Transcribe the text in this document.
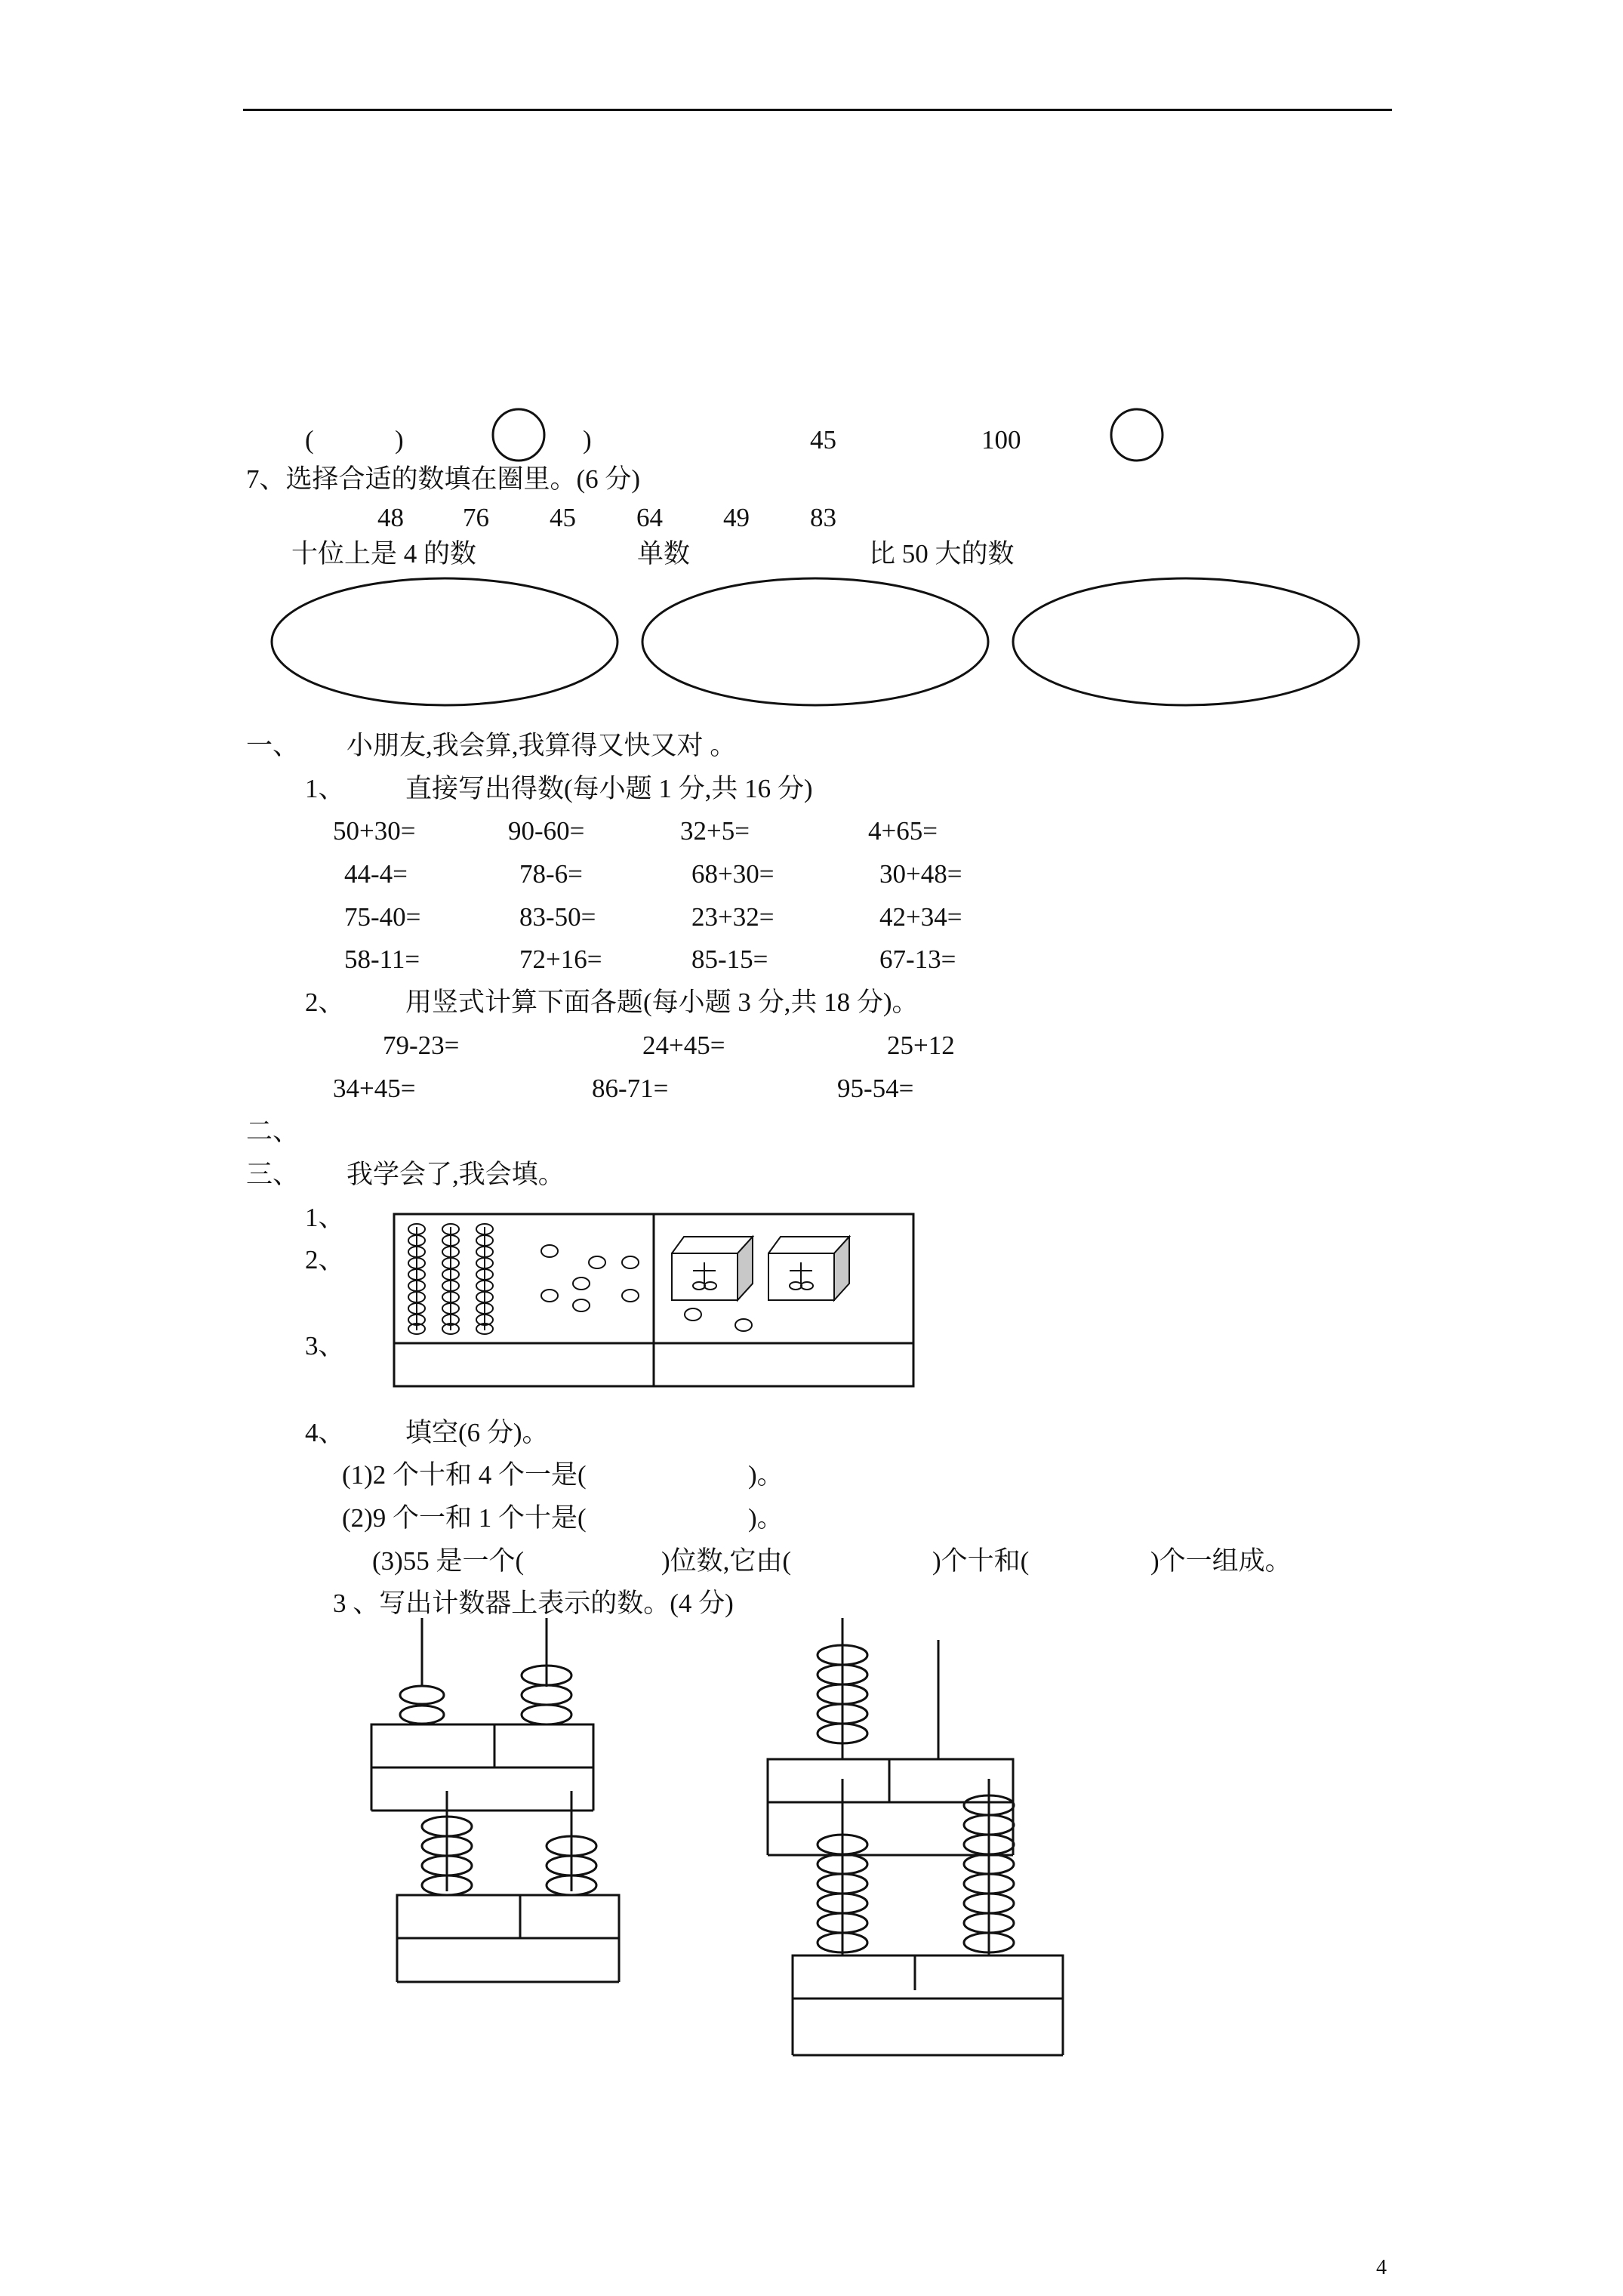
(	)	)	45	100
7、选择合适的数填在圈里。(6 分)
48 76 45 64 49 83
十位上是 4 的数	单数	比 50 大的数
一、 小朋友,我会算,我算得又快又对 。
1、 直接写出得数(每小题 1 分,共 16 分)
50+30=	90-60=	32+5=	4+65=
44-4=	78-6=	68+30=	30+48=
75-40=	83-50=	23+32=	42+34=
58-11=	72+16=	85-15=	67-13=
2、 用竖式计算下面各题(每小题 3 分,共 18 分)。
79-23=	24+45=	25+12
34+45=	86-71=	95-54=
二、
三、 我学会了,我会填。
1、
2、
3、
4、 填空(6 分)。
(1)2 个十和 4 个一是(	)。
(2)9 个一和 1 个十是(	)。
(3)55 是一个(	)位数,它由(	)个十和(	)个一组成。
3 、写出计数器上表示的数。(4 分)
4
